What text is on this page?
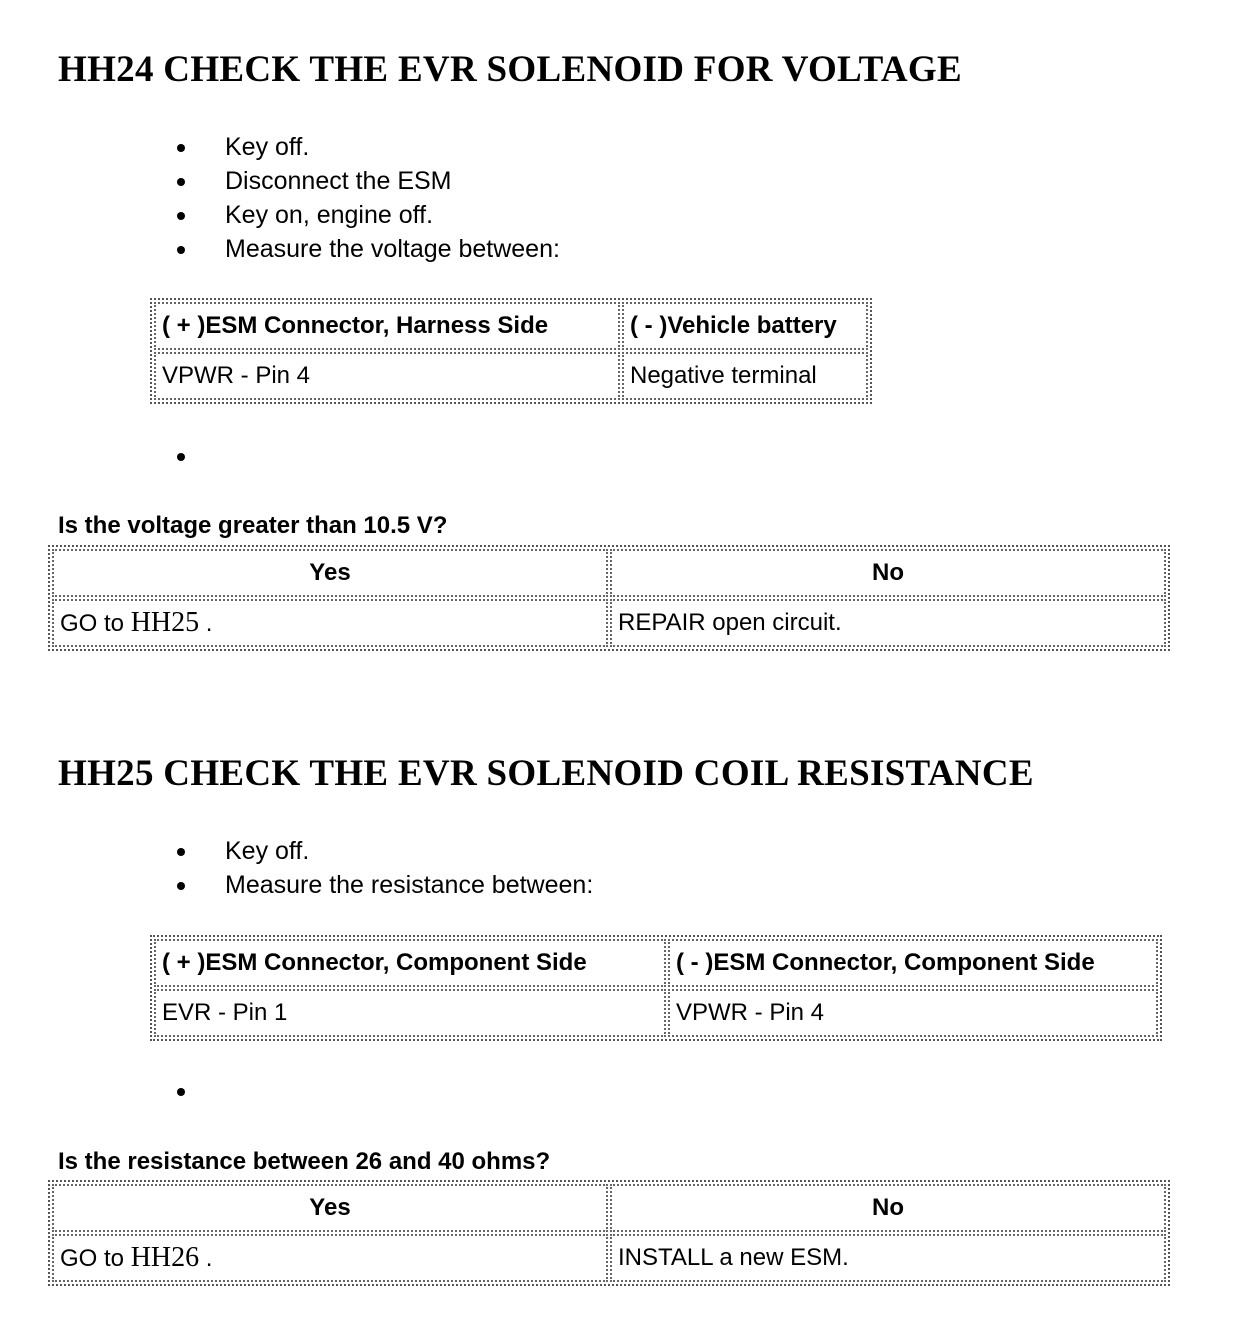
HH24 CHECK THE EVR SOLENOID FOR VOLTAGE
Key off.
Disconnect the ESM
Key on, engine off.
Measure the voltage between:
( + )ESM Connector, Harness Side	( - )Vehicle battery
VPWR - Pin 4	Negative terminal
Is the voltage greater than 10.5 V?
Yes	No
GO to HH25 .	REPAIR open circuit.
HH25 CHECK THE EVR SOLENOID COIL RESISTANCE
Key off.
Measure the resistance between:
( + )ESM Connector, Component Side	( - )ESM Connector, Component Side
EVR - Pin 1	VPWR - Pin 4
Is the resistance between 26 and 40 ohms?
Yes	No
GO to HH26 .	INSTALL a new ESM.
